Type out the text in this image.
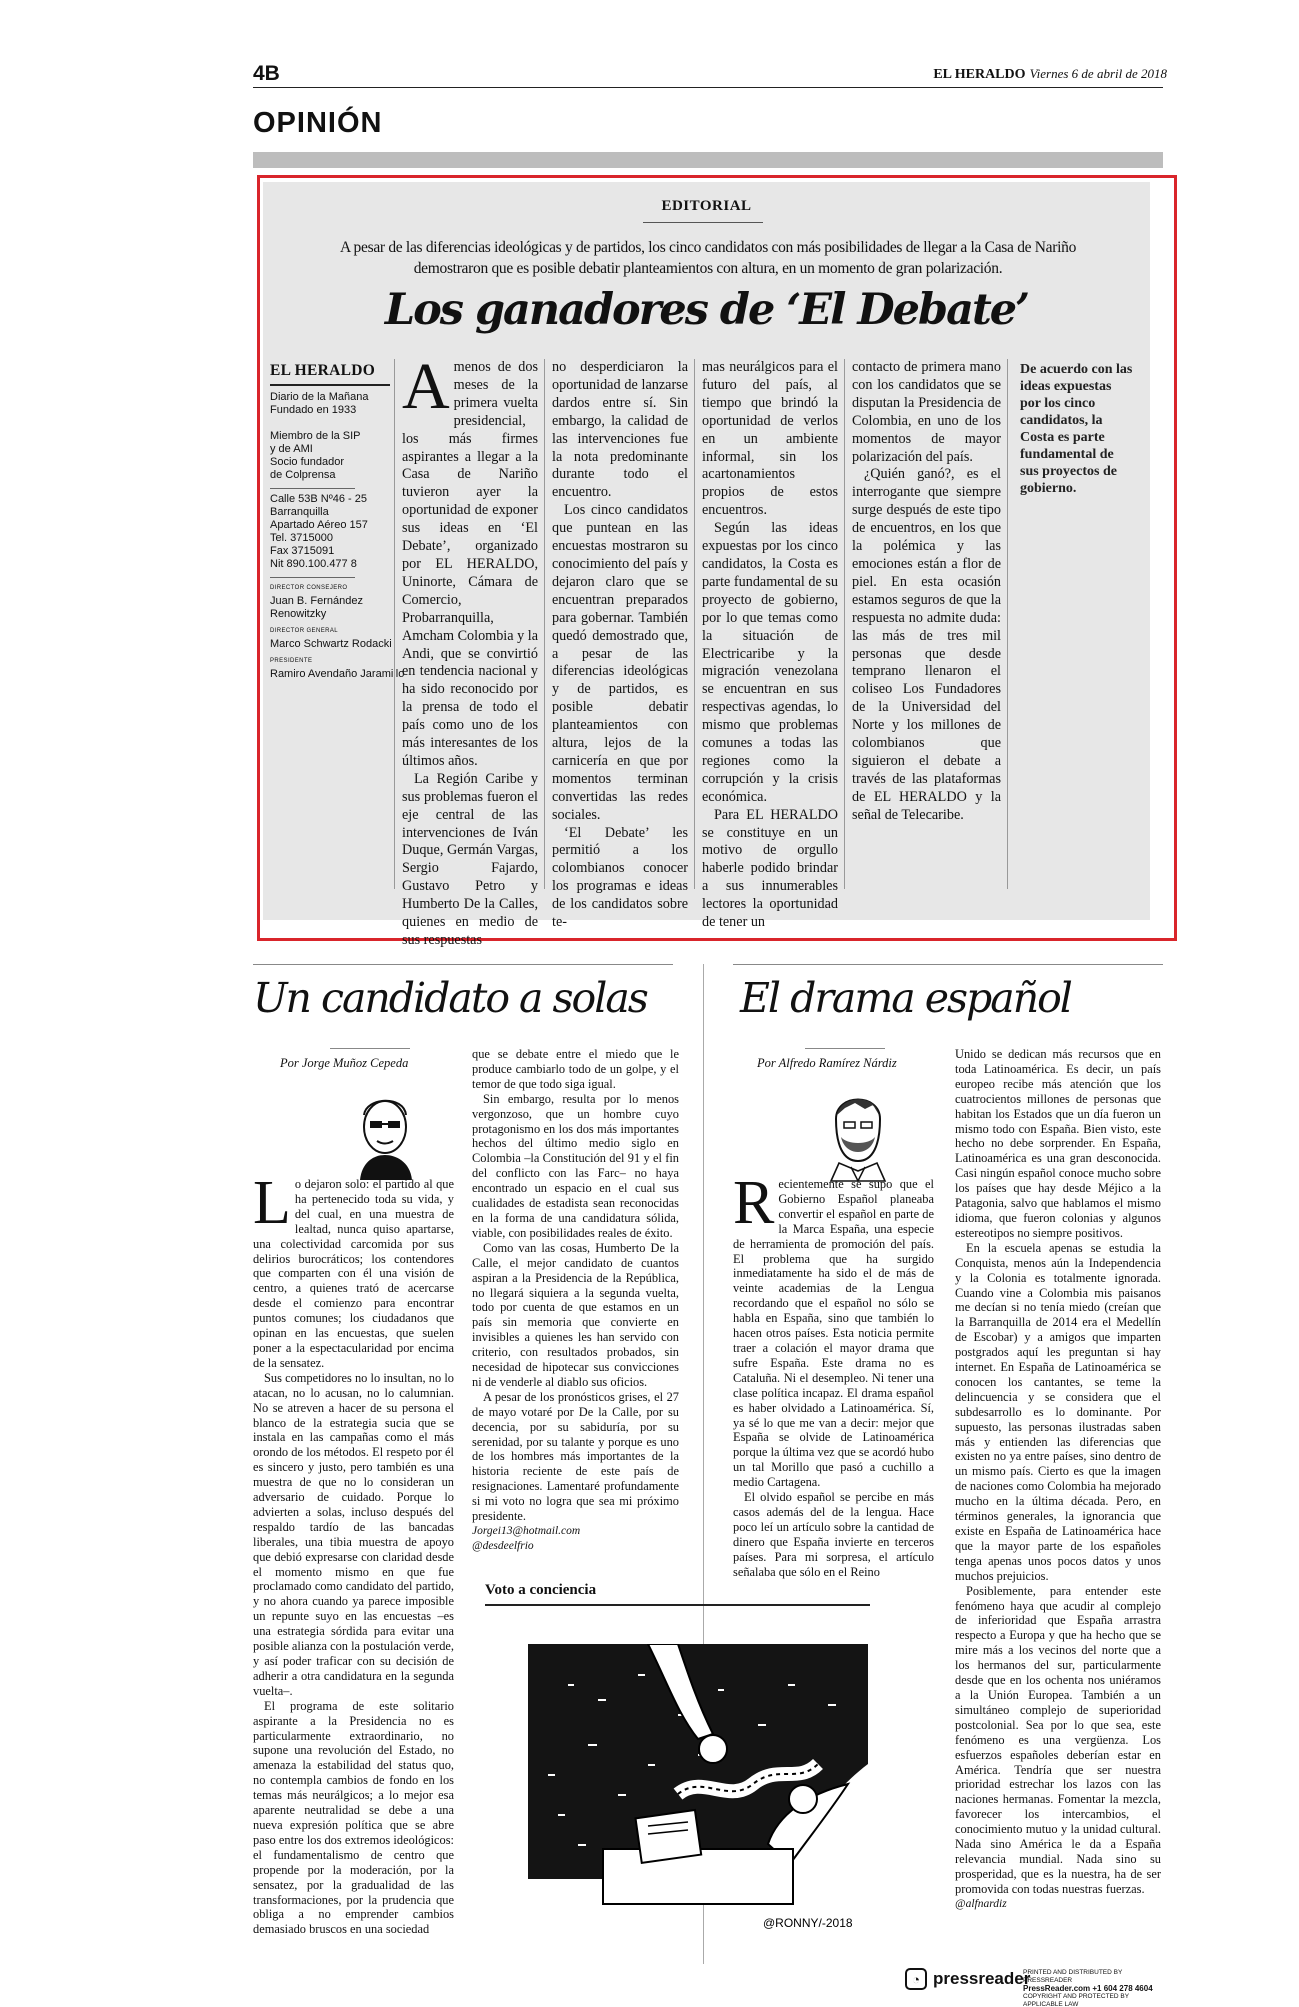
4B	EL HERALDO Viernes 6 de abril de 2018
OPINIÓN
EDITORIAL
A pesar de las diferencias ideológicas y de partidos, los cinco candidatos con más posibilidades de llegar a la Casa de Nariño demostraron que es posible debatir planteamientos con altura, en un momento de gran polarización.
Los ganadores de ‘El Debate’
EL HERALDO
Diario de la Mañana
Fundado en 1933
Miembro de la SIP
y de AMI
Socio fundador
de Colprensa
Calle 53B Nº46 - 25
Barranquilla
Apartado Aéreo 157
Tel. 3715000
Fax 3715091
Nit 890.100.477 8
DIRECTOR CONSEJERO
Juan B. Fernández Renowitzky
DIRECTOR GENERAL
Marco Schwartz Rodacki
PRESIDENTE
Ramiro Avendaño Jaramillo

Amenos de dos meses de la primera vuelta presidencial, los más firmes aspirantes a llegar a la Casa de Nariño tuvieron ayer la oportunidad de exponer sus ideas en ‘El Debate’, organizado por EL HERALDO, Uninorte, Cámara de Comercio, Probarranquilla, Amcham Colombia y la Andi, que se convirtió en tendencia nacional y ha sido reconocido por la prensa de todo el país como uno de los más interesantes de los últimos años.

La Región Caribe y sus problemas fueron el eje central de las intervenciones de Iván Duque, Germán Vargas, Sergio Fajardo, Gustavo Petro y Humberto De la Calles, quienes en medio de sus respuestas

no desperdiciaron la oportunidad de lanzarse dardos entre sí. Sin embargo, la calidad de las intervenciones fue la nota predominante durante todo el encuentro.

Los cinco candidatos que puntean en las encuestas mostraron su conocimiento del país y dejaron claro que se encuentran preparados para gobernar. También quedó demostrado que, a pesar de las diferencias ideológicas y de partidos, es posible debatir planteamientos con altura, lejos de la carnicería en que por momentos terminan convertidas las redes sociales.

‘El Debate’ les permitió a los colombianos conocer los programas e ideas de los candidatos sobre te-

mas neurálgicos para el futuro del país, al tiempo que brindó la oportunidad de verlos en un ambiente informal, sin los acartonamientos propios de estos encuentros.

Según las ideas expuestas por los cinco candidatos, la Costa es parte fundamental de su proyecto de gobierno, por lo que temas como la situación de Electricaribe y la migración venezolana se encuentran en sus respectivas agendas, lo mismo que problemas comunes a todas las regiones como la corrupción y la crisis económica.

Para EL HERALDO se constituye en un motivo de orgullo haberle podido brindar a sus innumerables lectores la oportunidad de tener un

contacto de primera mano con los candidatos que se disputan la Presidencia de Colombia, en uno de los momentos de mayor polarización del país.

¿Quién ganó?, es el interrogante que siempre surge después de este tipo de encuentros, en los que la polémica y las emociones están a flor de piel. En esta ocasión estamos seguros de que la respuesta no admite duda: las más de tres mil personas que desde temprano llenaron el coliseo Los Fundadores de la Universidad del Norte y los millones de colombianos que siguieron el debate a través de las plataformas de EL HERALDO y la señal de Telecaribe.

De acuerdo con las ideas expuestas por los cinco candidatos, la Costa es parte fundamental de sus proyectos de gobierno.
Un candidato a solas
Por Jorge Muñoz Cepeda

Lo dejaron solo: el partido al que ha pertenecido toda su vida, y del cual, en una muestra de lealtad, nunca quiso apartarse, una colectividad carcomida por sus delirios burocráticos; los contendores que comparten con él una visión de centro, a quienes trató de acercarse desde el comienzo para encontrar puntos comunes; los ciudadanos que opinan en las encuestas, que suelen poner a la espectacularidad por encima de la sensatez.

Sus competidores no lo insultan, no lo atacan, no lo acusan, no lo calumnian. No se atreven a hacer de su persona el blanco de la estrategia sucia que se instala en las campañas como el más orondo de los métodos. El respeto por él es sincero y justo, pero también es una muestra de que no lo consideran un adversario de cuidado. Porque lo advierten a solas, incluso después del respaldo tardío de las bancadas liberales, una tibia muestra de apoyo que debió expresarse con claridad desde el momento mismo en que fue proclamado como candidato del partido, y no ahora cuando ya parece imposible un repunte suyo en las encuestas –es una estrategia sórdida para evitar una posible alianza con la postulación verde, y así poder traficar con su decisión de adherir a otra candidatura en la segunda vuelta–.

El programa de este solitario aspirante a la Presidencia no es particularmente extraordinario, no supone una revolución del Estado, no amenaza la estabilidad del status quo, no contempla cambios de fondo en los temas más neurálgicos; a lo mejor esa aparente neutralidad se debe a una nueva expresión política que se abre paso entre los dos extremos ideológicos: el fundamentalismo de centro que propende por la moderación, por la sensatez, por la gradualidad de las transformaciones, por la prudencia que obliga a no emprender cambios demasiado bruscos en una sociedad

que se debate entre el miedo que le produce cambiarlo todo de un golpe, y el temor de que todo siga igual.

Sin embargo, resulta por lo menos vergonzoso, que un hombre cuyo protagonismo en los dos más importantes hechos del último medio siglo en Colombia –la Constitución del 91 y el fin del conflicto con las Farc– no haya encontrado un espacio en el cual sus cualidades de estadista sean reconocidas en la forma de una candidatura sólida, viable, con posibilidades reales de éxito.

Como van las cosas, Humberto De la Calle, el mejor candidato de cuantos aspiran a la Presidencia de la República, no llegará siquiera a la segunda vuelta, todo por cuenta de que estamos en un país sin memoria que convierte en invisibles a quienes les han servido con criterio, con resultados probados, sin necesidad de hipotecar sus convicciones ni de venderle al diablo sus oficios.

A pesar de los pronósticos grises, el 27 de mayo votaré por De la Calle, por su decencia, por su sabiduría, por su serenidad, por su talante y porque es uno de los hombres más importantes de la historia reciente de este país de resignaciones. Lamentaré profundamente si mi voto no logra que sea mi próximo presidente.

Jorgei13@hotmail.com

@desdeelfrio

El drama español
Por Alfredo Ramírez Nárdiz

Recientemente se supo que el Gobierno Español planeaba convertir el español en parte de la Marca España, una especie de herramienta de promoción del país. El problema que ha surgido inmediatamente ha sido el de más de veinte academias de la Lengua recordando que el español no sólo se habla en España, sino que también lo hacen otros países. Esta noticia permite traer a colación el mayor drama que sufre España. Este drama no es Cataluña. Ni el desempleo. Ni tener una clase política incapaz. El drama español es haber olvidado a Latinoamérica. Sí, ya sé lo que me van a decir: mejor que España se olvide de Latinoamérica porque la última vez que se acordó hubo un tal Morillo que pasó a cuchillo a medio Cartagena.

El olvido español se percibe en más casos además del de la lengua. Hace poco leí un artículo sobre la cantidad de dinero que España invierte en terceros países. Para mi sorpresa, el artículo señalaba que sólo en el Reino

Unido se dedican más recursos que en toda Latinoamérica. Es decir, un país europeo recibe más atención que los cuatrocientos millones de personas que habitan los Estados que un día fueron un mismo todo con España. Bien visto, este hecho no debe sorprender. En España, Latinoamérica es una gran desconocida. Casi ningún español conoce mucho sobre los países que hay desde Méjico a la Patagonia, salvo que hablamos el mismo idioma, que fueron colonias y algunos estereotipos no siempre positivos.

En la escuela apenas se estudia la Conquista, menos aún la Independencia y la Colonia es totalmente ignorada. Cuando vine a Colombia mis paisanos me decían si no tenía miedo (creían que la Barranquilla de 2014 era el Medellín de Escobar) y a amigos que imparten postgrados aquí les preguntan si hay internet. En España de Latinoamérica se conocen los cantantes, se teme la delincuencia y se considera que el subdesarrollo es lo dominante. Por supuesto, las personas ilustradas saben más y entienden las diferencias que existen no ya entre países, sino dentro de un mismo país. Cierto es que la imagen de naciones como Colombia ha mejorado mucho en la última década. Pero, en términos generales, la ignorancia que existe en España de Latinoamérica hace que la mayor parte de los españoles tenga apenas unos pocos datos y unos muchos prejuicios.

Posiblemente, para entender este fenómeno haya que acudir al complejo de inferioridad que España arrastra respecto a Europa y que ha hecho que se mire más a los vecinos del norte que a los hermanos del sur, particularmente desde que en los ochenta nos uniéramos a la Unión Europea. También a un simultáneo complejo de superioridad postcolonial. Sea por lo que sea, este fenómeno es una vergüenza. Los esfuerzos españoles deberían estar en América. Tendría que ser nuestra prioridad estrechar los lazos con las naciones hermanas. Fomentar la mezcla, favorecer los intercambios, el conocimiento mutuo y la unidad cultural. Nada sino América le da a España relevancia mundial. Nada sino su prosperidad, que es la nuestra, ha de ser promovida con todas nuestras fuerzas.

@alfnardiz

Voto a conciencia
@RONNY/-2018
◔ pressreader
PRINTED AND DISTRIBUTED BY PRESSREADER
PressReader.com +1 604 278 4604
COPYRIGHT AND PROTECTED BY APPLICABLE LAW
